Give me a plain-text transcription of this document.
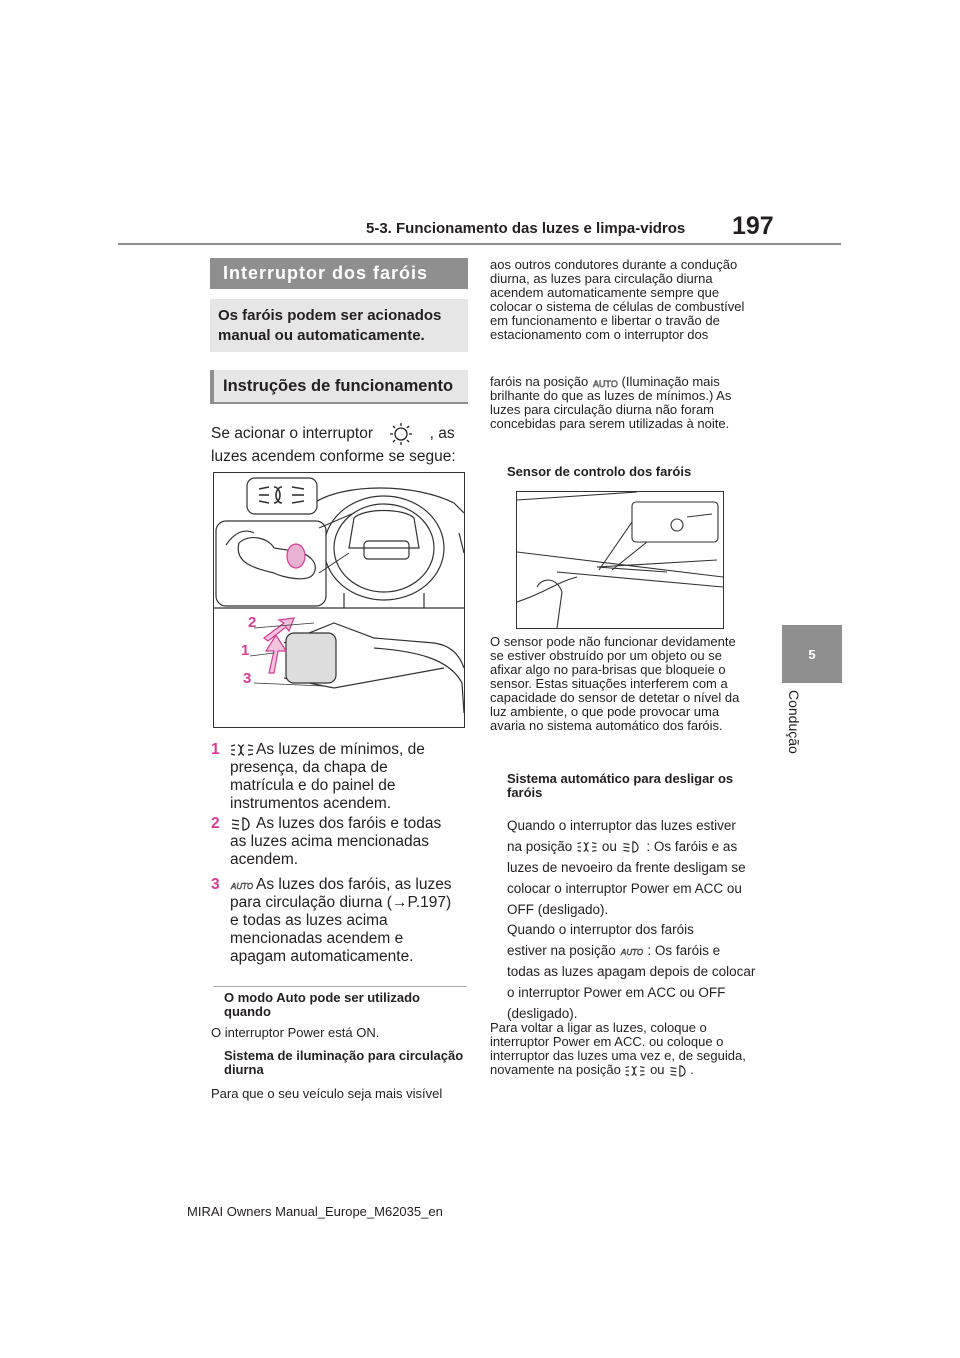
5-3. Funcionamento das luzes e limpa-vidros 197
5
Condução
Interruptor dos faróis
Os faróis podem ser acionados manual ou automaticamente.
Instruções de funcionamento
Se acionar o interruptor	, as
luzes acendem conforme se segue:
2
1
3
1 As luzes de mínimos, de
presença, da chapa de
matrícula e do painel de
instrumentos acendem.
2 As luzes dos faróis e todas
as luzes acima mencionadas
acendem.
3 AUTO As luzes dos faróis, as luzes
para circulação diurna (→P.197)
e todas as luzes acima
mencionadas acendem e
apagam automaticamente.
O modo Auto pode ser utilizado quando
O interruptor Power está ON.
Sistema de iluminação para circulação diurna
Para que o seu veículo seja mais visível
aos outros condutores durante a condução diurna, as luzes para circulação diurna acendem automaticamente sempre que colocar o sistema de células de combustível em funcionamento e libertar o travão de estacionamento com o interruptor dos
faróis na posição AUTO (Iluminação mais brilhante do que as luzes de mínimos.) As luzes para circulação diurna não foram concebidas para serem utilizadas à noite.
Sensor de controlo dos faróis
O sensor pode não funcionar devidamente se estiver obstruído por um objeto ou se afixar algo no para-brisas que bloqueie o sensor. Estas situações interferem com a capacidade do sensor de detetar o nível da luz ambiente, o que pode provocar uma avaria no sistema automático dos faróis.
Sistema automático para desligar os faróis
Quando o interruptor das luzes estiver
na posição ou : Os faróis e as
luzes de nevoeiro da frente desligam se colocar o interruptor Power em ACC ou OFF (desligado).
Quando o interruptor dos faróis
estiver na posição AUTO : Os faróis e
todas as luzes apagam depois de colocar o interruptor Power em ACC ou OFF (desligado).
Para voltar a ligar as luzes, coloque o interruptor Power em ACC. ou coloque o interruptor das luzes uma vez e, de seguida, novamente na posição ou .
MIRAI Owners Manual_Europe_M62035_en
